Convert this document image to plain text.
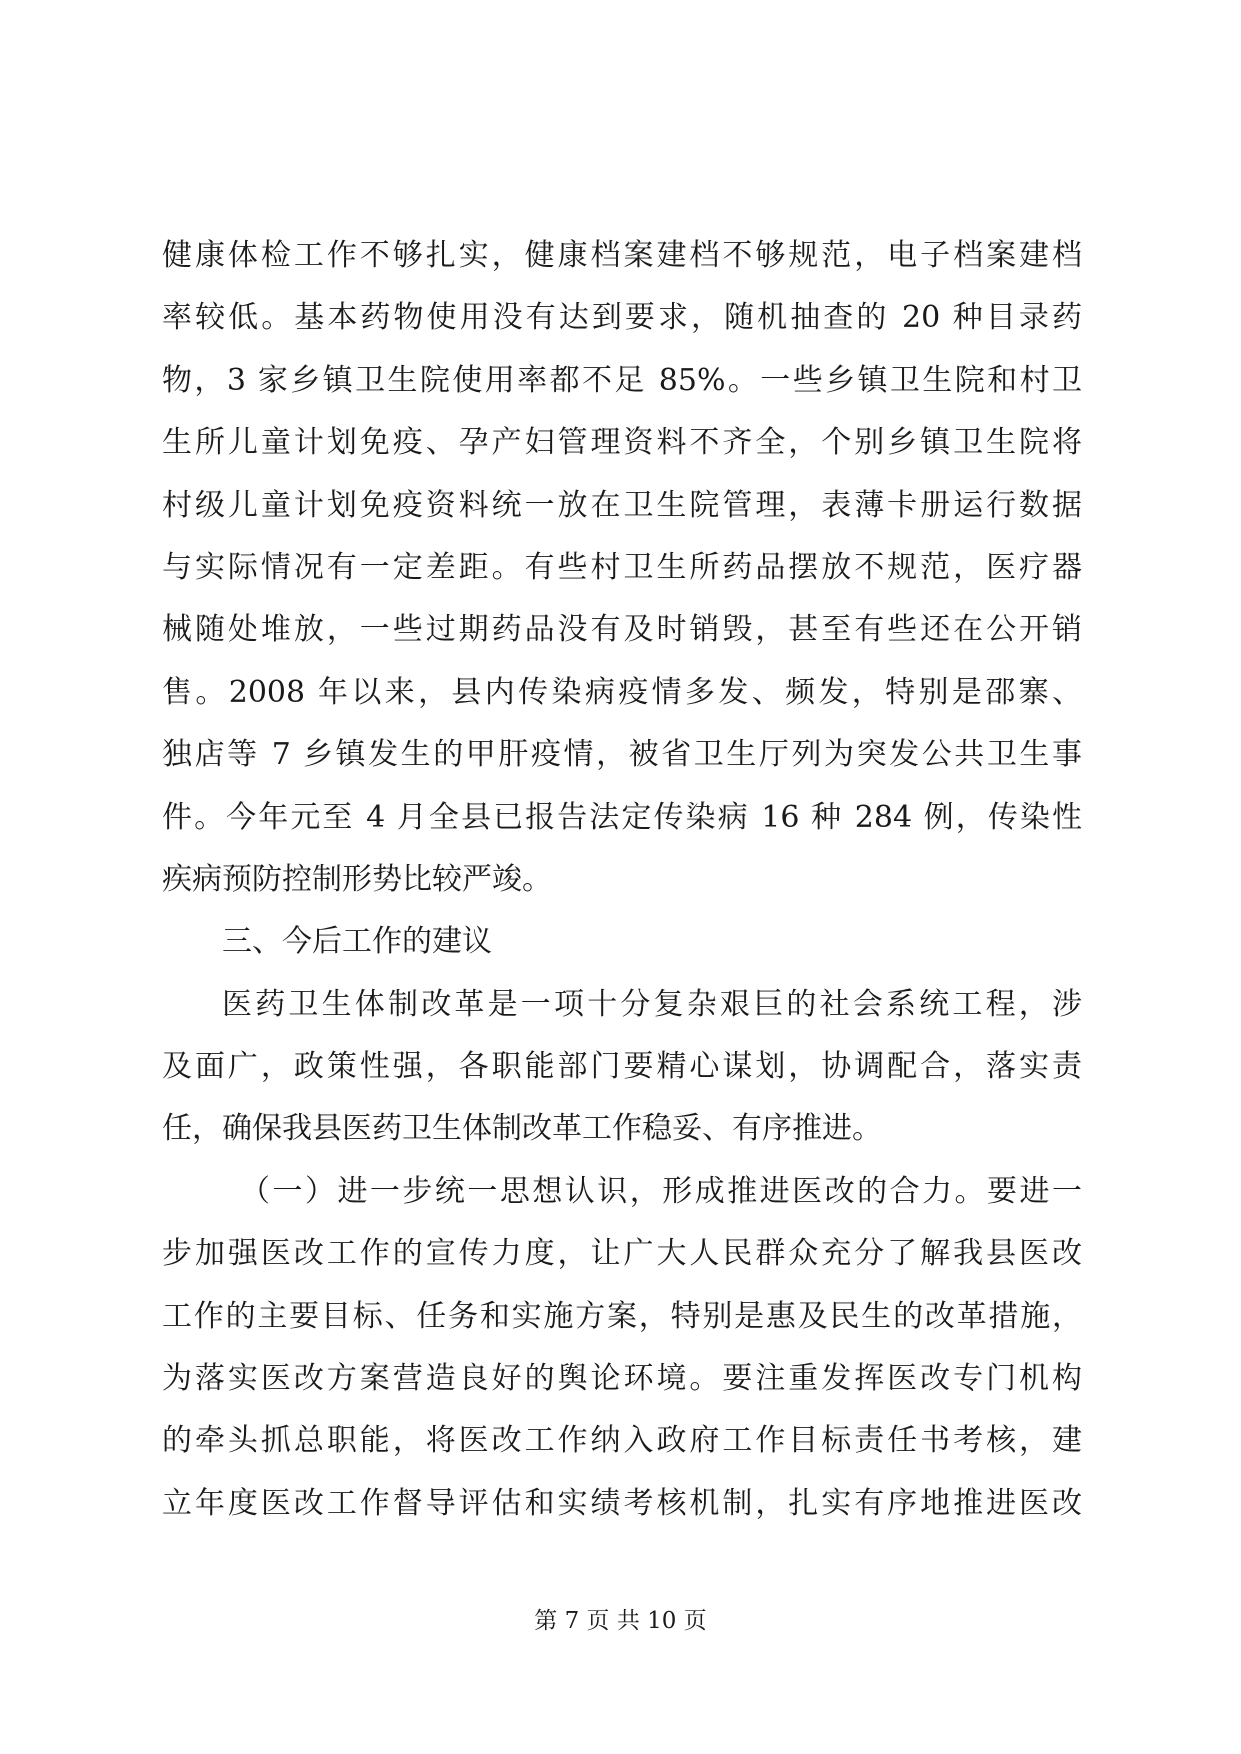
健康体检工作不够扎实，健康档案建档不够规范，电子档案建档
率较低。基本药物使用没有达到要求，随机抽查的 20 种目录药
物，3 家乡镇卫生院使用率都不足 85%。一些乡镇卫生院和村卫
生所儿童计划免疫、孕产妇管理资料不齐全，个别乡镇卫生院将
村级儿童计划免疫资料统一放在卫生院管理，表薄卡册运行数据
与实际情况有一定差距。有些村卫生所药品摆放不规范，医疗器
械随处堆放，一些过期药品没有及时销毁，甚至有些还在公开销
售。2008 年以来，县内传染病疫情多发、频发，特别是邵寨、
独店等 7 乡镇发生的甲肝疫情，被省卫生厅列为突发公共卫生事
件。今年元至 4 月全县已报告法定传染病 16 种 284 例，传染性
疾病预防控制形势比较严竣。
三、今后工作的建议
医药卫生体制改革是一项十分复杂艰巨的社会系统工程，涉
及面广，政策性强，各职能部门要精心谋划，协调配合，落实责
任，确保我县医药卫生体制改革工作稳妥、有序推进。
（一）进一步统一思想认识，形成推进医改的合力。要进一
步加强医改工作的宣传力度，让广大人民群众充分了解我县医改
工作的主要目标、任务和实施方案，特别是惠及民生的改革措施，
为落实医改方案营造良好的舆论环境。要注重发挥医改专门机构
的牵头抓总职能，将医改工作纳入政府工作目标责任书考核，建
立年度医改工作督导评估和实绩考核机制，扎实有序地推进医改
第 7 页 共 10 页
